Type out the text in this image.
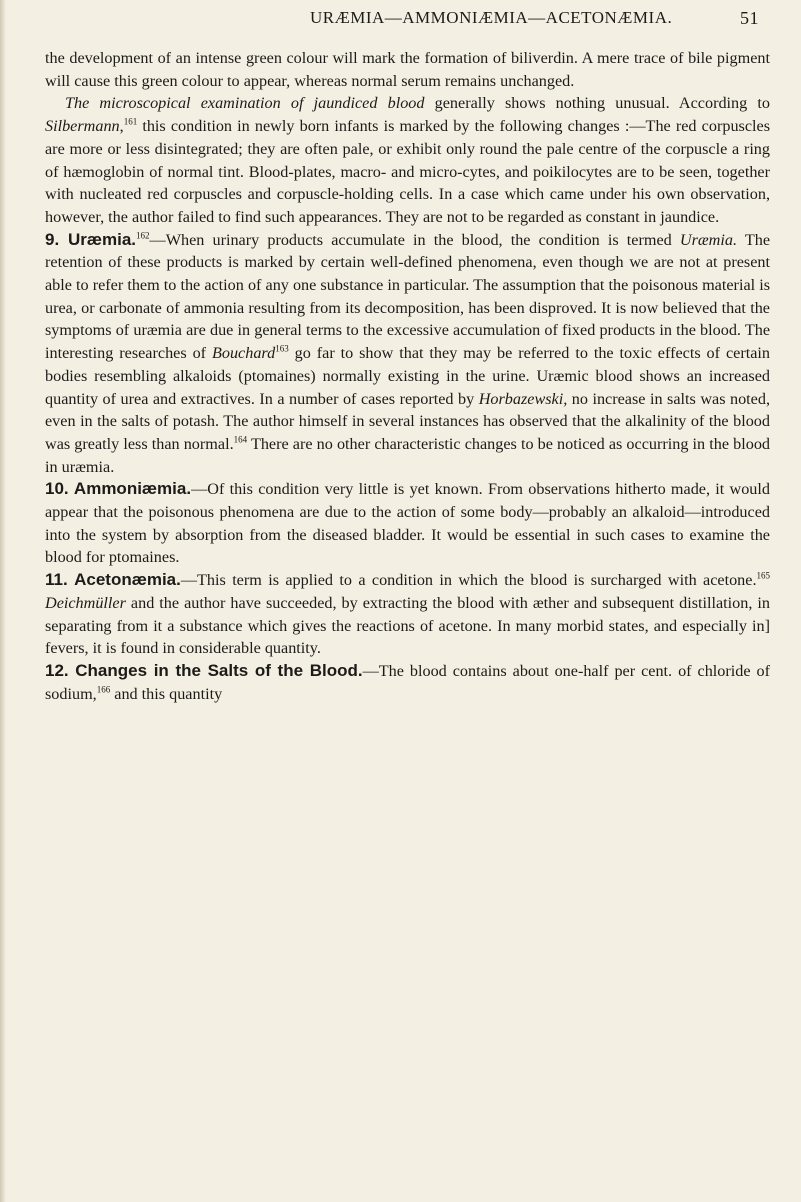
URÆMIA—AMMONIÆMIA—ACETONÆMIA.	51

the development of an intense green colour will mark the formation of biliverdin. A mere trace of bile pigment will cause this green colour to appear, whereas normal serum remains unchanged.

The microscopical examination of jaundiced blood generally shows nothing unusual. According to Silbermann,$^{161}$ this condition in newly born infants is marked by the following changes :—The red corpuscles are more or less disintegrated; they are often pale, or exhibit only round the pale centre of the corpuscle a ring of hæmoglobin of normal tint. Blood-plates, macro- and micro-cytes, and poikilocytes are to be seen, together with nucleated red corpuscles and corpuscle-holding cells. In a case which came under his own observation, however, the author failed to find such appearances. They are not to be regarded as constant in jaundice.

9. Uræmia.$^{162}$—When urinary products accumulate in the blood, the condition is termed Uræmia. The retention of these products is marked by certain well-defined phenomena, even though we are not at present able to refer them to the action of any one substance in particular. The assumption that the poisonous material is urea, or carbonate of ammonia resulting from its decomposition, has been disproved. It is now believed that the symptoms of uræmia are due in general terms to the excessive accumulation of fixed products in the blood. The interesting researches of Bouchard$^{163}$ go far to show that they may be referred to the toxic effects of certain bodies resembling alkaloids (ptomaines) normally existing in the urine. Uræmic blood shows an increased quantity of urea and extractives. In a number of cases reported by Horbazewski, no increase in salts was noted, even in the salts of potash. The author himself in several instances has observed that the alkalinity of the blood was greatly less than normal.$^{164}$ There are no other characteristic changes to be noticed as occurring in the blood in uræmia.

10. Ammoniæmia.—Of this condition very little is yet known. From observations hitherto made, it would appear that the poisonous phenomena are due to the action of some body—probably an alkaloid—introduced into the system by absorption from the diseased bladder. It would be essential in such cases to examine the blood for ptomaines.

11. Acetonæmia.—This term is applied to a condition in which the blood is surcharged with acetone.$^{165}$ Deichmüller and the author have succeeded, by extracting the blood with æther and subsequent distillation, in separating from it a substance which gives the reactions of acetone. In many morbid states, and especially in] fevers, it is found in considerable quantity.

12. Changes in the Salts of the Blood.—The blood contains about one-half per cent. of chloride of sodium,$^{166}$ and this quantity
